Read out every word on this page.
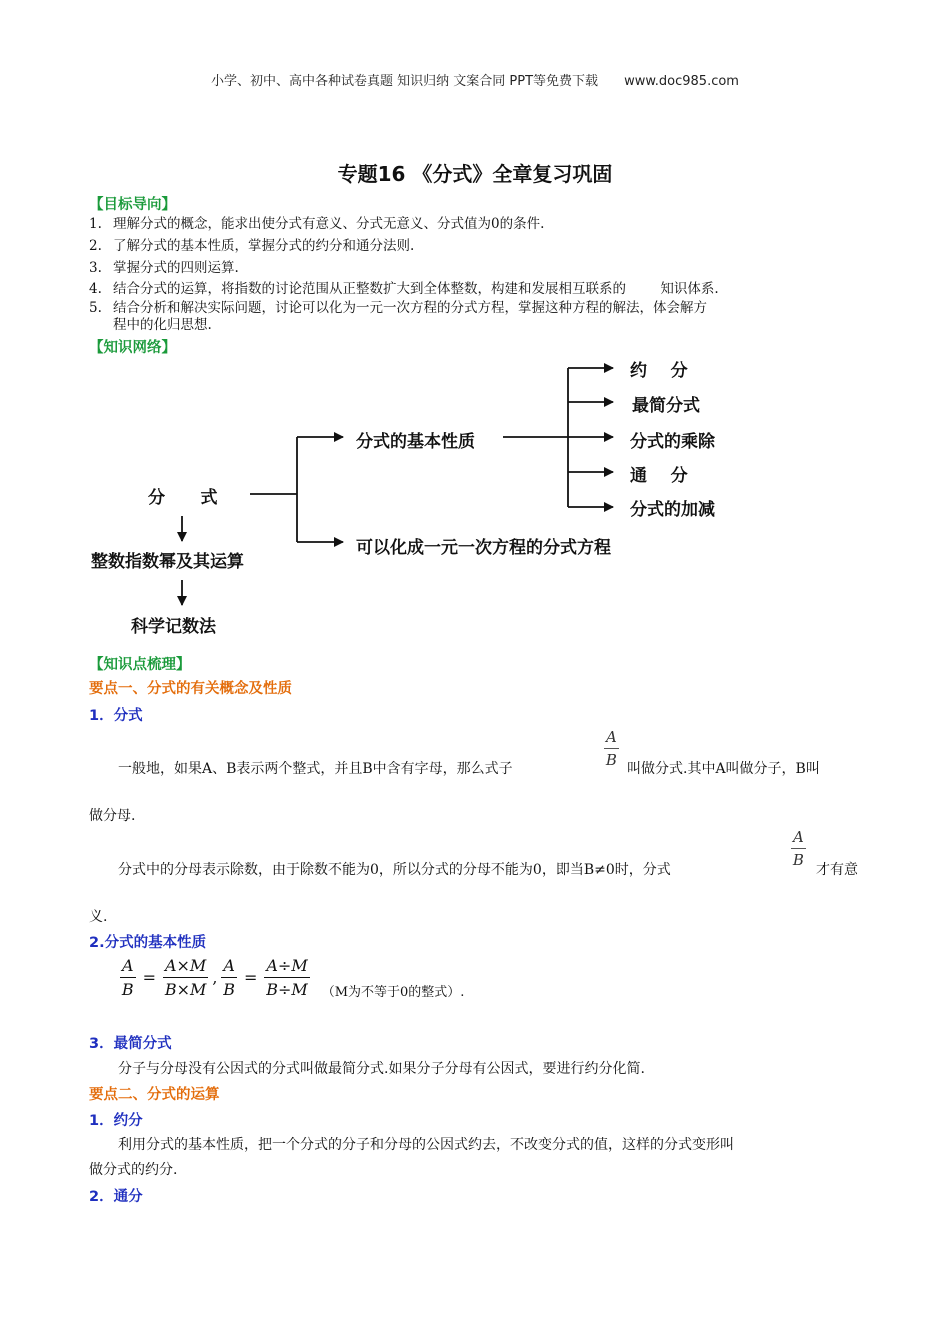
小学、初中、高中各种试卷真题 知识归纳 文案合同 PPT等免费下载 www.doc985.com
专题16 《分式》全章复习巩固
【目标导向】
1. 理解分式的概念，能求出使分式有意义、分式无意义、分式值为0的条件.
2. 了解分式的基本性质，掌握分式的约分和通分法则.
3. 掌握分式的四则运算.
4. 结合分式的运算，将指数的讨论范围从正整数扩大到全体整数，构建和发展相互联系的        知识体系.
5. 结合分析和解决实际问题，讨论可以化为一元一次方程的分式方程，掌握这种方程的解法，体会解方
程中的化归思想.
【知识网络】
分      式
分式的基本性质
约    分
最简分式
分式的乘除
通    分
分式的加减
可以化成一元一次方程的分式方程
整数指数幂及其运算
科学记数法
【知识点梳理】
要点一、分式的有关概念及性质
1．分式
一般地，如果A、B表示两个整式，并且B中含有字母，那么式子	$\frac{A}{B}$ 叫做分式.其中A叫做分子，B叫
做分母.
分式中的分母表示除数，由于除数不能为0，所以分式的分母不能为0，即当B≠0时，分式
$\frac{A}{B}$
才有意
义.
2.分式的基本性质
$\frac{A}{B} = \frac{A\times M}{B\times M}$ , $\frac{A}{B} = \frac{A\div M}{B\div M} (M$为不等于0的整式）.
3．最简分式
分子与分母没有公因式的分式叫做最简分式.如果分子分母有公因式，要进行约分化简.
要点二、分式的运算
1．约分
利用分式的基本性质，把一个分式的分子和分母的公因式约去，不改变分式的值，这样的分式变形叫
做分式的约分.
2．通分
